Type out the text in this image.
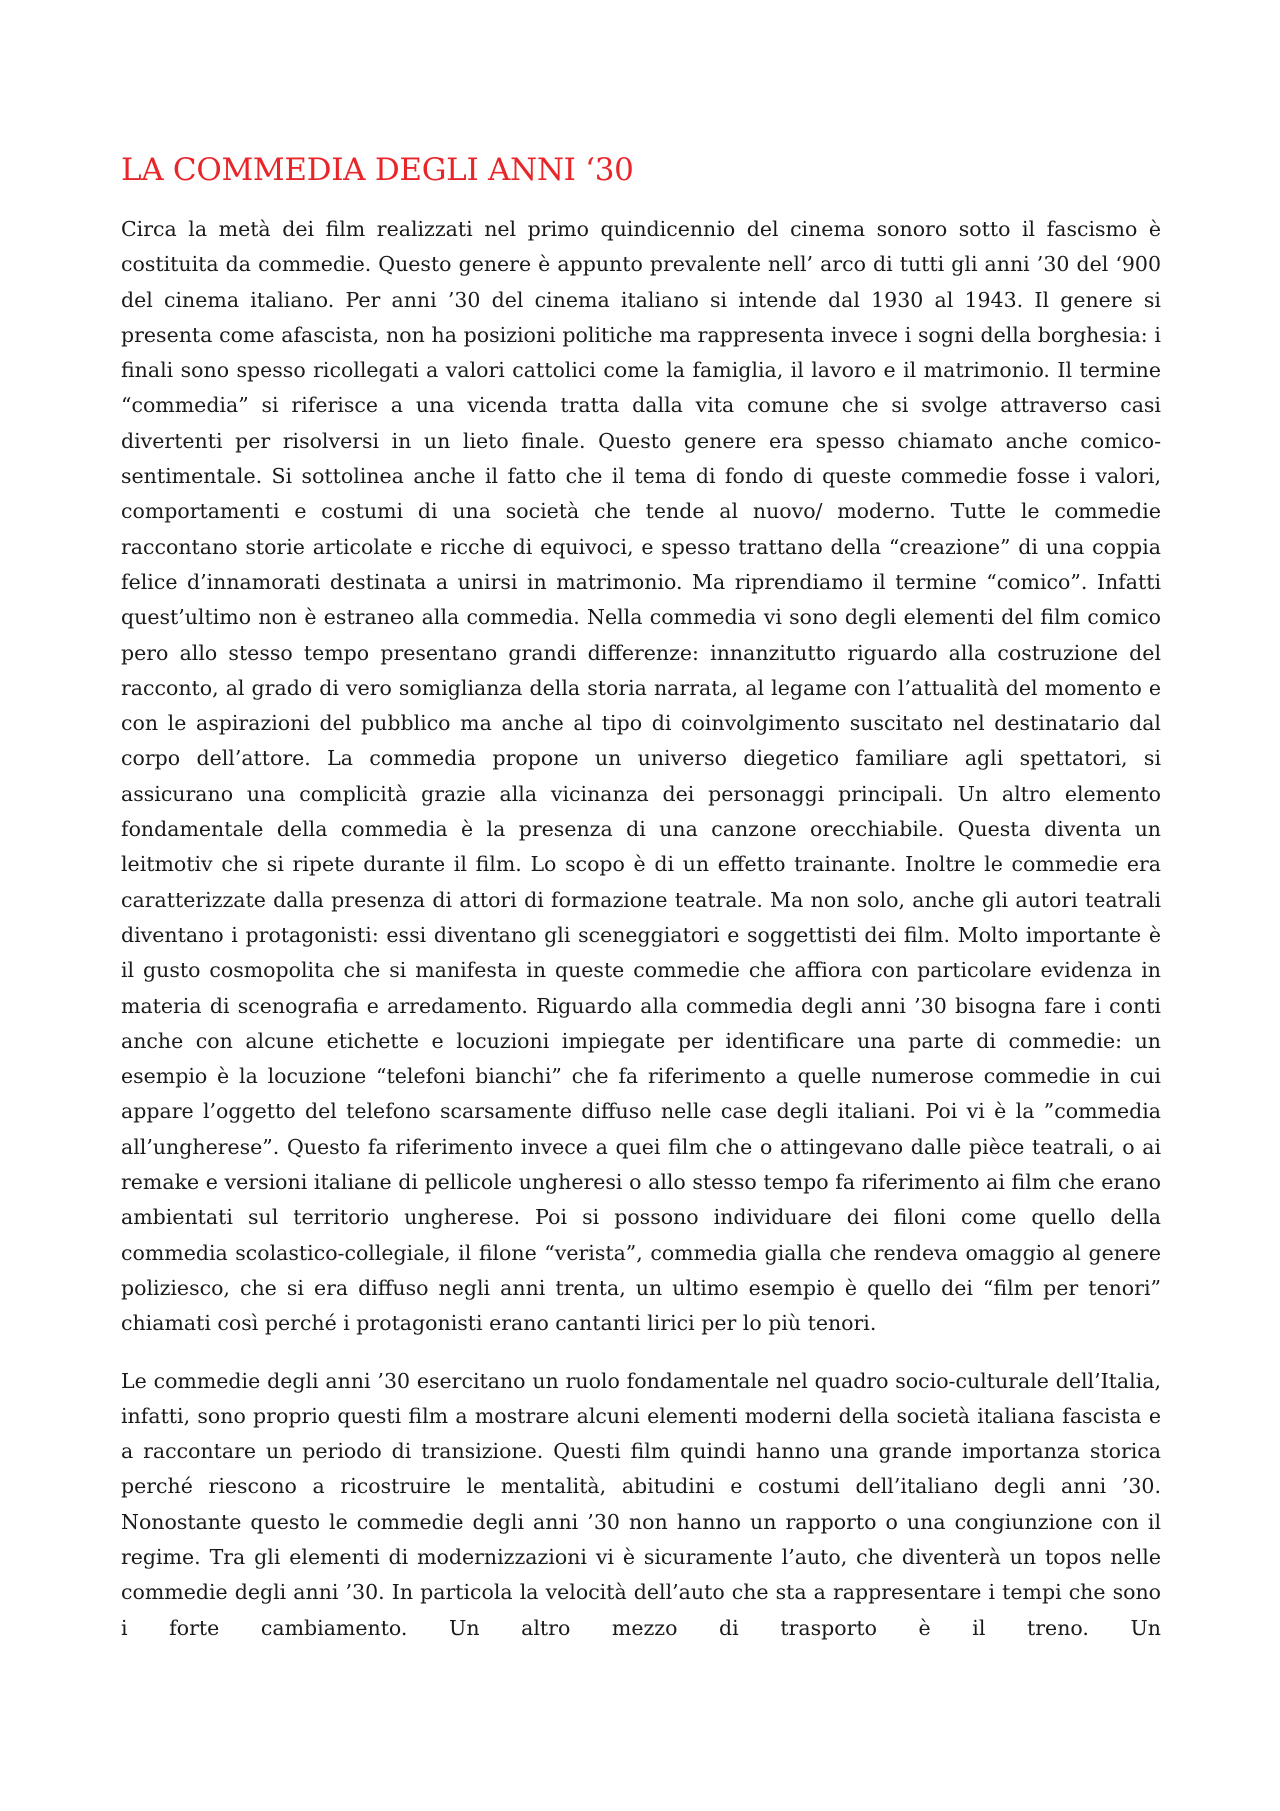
LA COMMEDIA DEGLI ANNI ‘30

Circa la metà dei film realizzati nel primo quindicennio del cinema sonoro sotto il fascismo è costituita da commedie. Questo genere è appunto prevalente nell’ arco di tutti gli anni ’30 del ‘900 del cinema italiano. Per anni ’30 del cinema italiano si intende dal 1930 al 1943. Il genere si presenta come afascista, non ha posizioni politiche ma rappresenta invece i sogni della borghesia: i finali sono spesso ricollegati a valori cattolici come la famiglia, il lavoro e il matrimonio. Il termine “commedia” si riferisce a una vicenda tratta dalla vita comune che si svolge attraverso casi divertenti per risolversi in un lieto finale. Questo genere era spesso chiamato anche comico-sentimentale. Si sottolinea anche il fatto che il tema di fondo di queste commedie fosse i valori, comportamenti e costumi di una società che tende al nuovo/ moderno. Tutte le commedie raccontano storie articolate e ricche di equivoci, e spesso trattano della “creazione” di una coppia felice d’innamorati destinata a unirsi in matrimonio. Ma riprendiamo il termine “comico”. Infatti quest’ultimo non è estraneo alla commedia. Nella commedia vi sono degli elementi del film comico pero allo stesso tempo presentano grandi differenze: innanzitutto riguardo alla costruzione del racconto, al grado di vero somiglianza della storia narrata, al legame con l’attualità del momento e con le aspirazioni del pubblico ma anche al tipo di coinvolgimento suscitato nel destinatario dal corpo dell’attore. La commedia propone un universo diegetico familiare agli spettatori, si assicurano una complicità grazie alla vicinanza dei personaggi principali. Un altro elemento fondamentale della commedia è la presenza di una canzone orecchiabile. Questa diventa un leitmotiv che si ripete durante il film. Lo scopo è di un effetto trainante. Inoltre le commedie era caratterizzate dalla presenza di attori di formazione teatrale. Ma non solo, anche gli autori teatrali diventano i protagonisti: essi diventano gli sceneggiatori e soggettisti dei film. Molto importante è il gusto cosmopolita che si manifesta in queste commedie che affiora con particolare evidenza in materia di scenografia e arredamento. Riguardo alla commedia degli anni ’30 bisogna fare i conti anche con alcune etichette e locuzioni impiegate per identificare una parte di commedie: un esempio è la locuzione “telefoni bianchi” che fa riferimento a quelle numerose commedie in cui appare l’oggetto del telefono scarsamente diffuso nelle case degli italiani. Poi vi è la ”commedia all’ungherese”. Questo fa riferimento invece a quei film che o attingevano dalle pièce teatrali, o ai remake e versioni italiane di pellicole ungheresi o allo stesso tempo fa riferimento ai film che erano ambientati sul territorio ungherese. Poi si possono individuare dei filoni come quello della commedia scolastico-collegiale, il filone “verista”, commedia gialla che rendeva omaggio al genere poliziesco, che si era diffuso negli anni trenta, un ultimo esempio è quello dei “film per tenori” chiamati così perché i protagonisti erano cantanti lirici per lo più tenori.

Le commedie degli anni ’30 esercitano un ruolo fondamentale nel quadro socio-culturale dell’Italia, infatti, sono proprio questi film a mostrare alcuni elementi moderni della società italiana fascista e a raccontare un periodo di transizione. Questi film quindi hanno una grande importanza storica perché riescono a ricostruire le mentalità, abitudini e costumi dell’italiano degli anni ’30. Nonostante questo le commedie degli anni ’30 non hanno un rapporto o una congiunzione con il regime. Tra gli elementi di modernizzazioni vi è sicuramente l’auto, che diventerà un topos nelle commedie degli anni ’30. In particola la velocità dell’auto che sta a rappresentare i tempi che sono i forte cambiamento. Un altro mezzo di trasporto è il treno. Un
